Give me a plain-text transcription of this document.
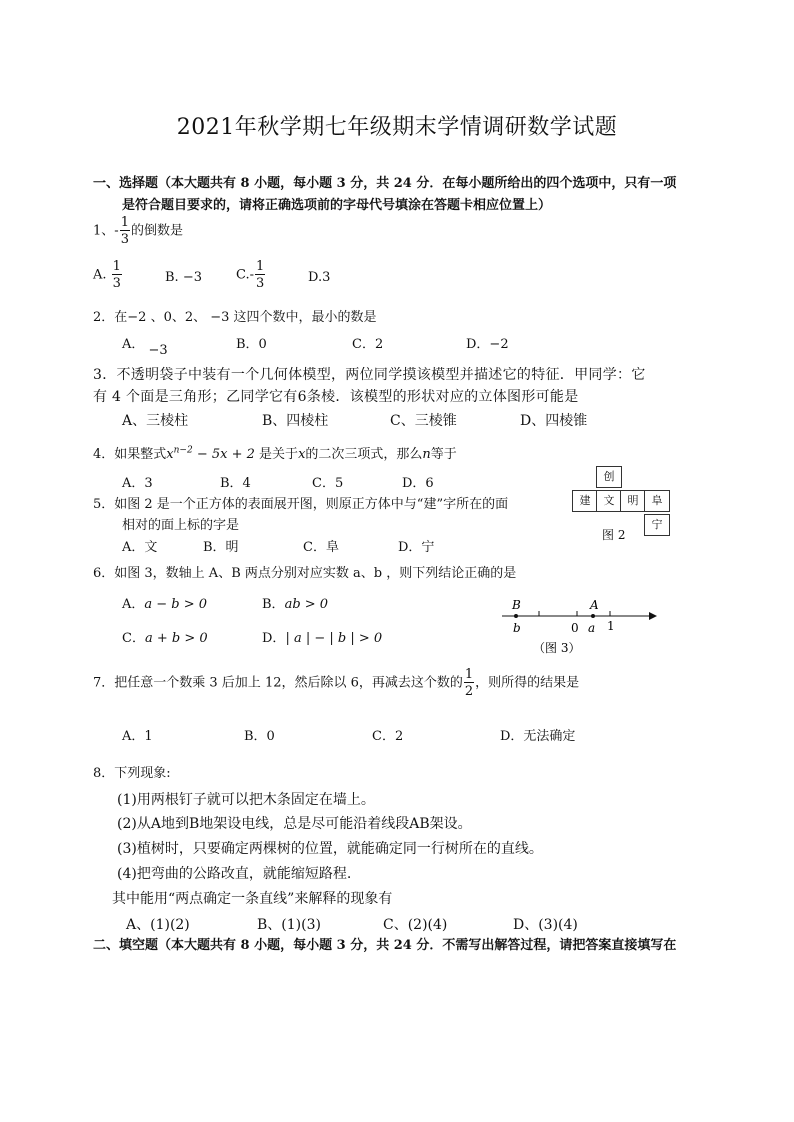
2021年秋学期七年级期末学情调研数学试题
一、选择题（本大题共有 8 小题，每小题 3 分，共 24 分．在每小题所给出的四个选项中，只有一项
是符合题目要求的，请将正确选项前的字母代号填涂在答题卡相应位置上）
1、- $\frac{1}{3}$ 的倒数是
A. $\frac{1}{3}$	B. −3	$C.- \frac{1}{3}$	D.3
2．在−2 、0、2、 −3 这四个数中，最小的数是
A． −3	B．0	C．2	D．−2
3．不透明袋子中装有一个几何体模型，两位同学摸该模型并描述它的特征．甲同学：它
有 4 个面是三角形；乙同学它有6条棱．该模型的形状对应的立体图形可能是
A、三棱柱	B、四棱柱	C、三棱锥	D、四棱锥
4．如果整式$x^{n-2} - 5x + 2$ 是关于x的二次三项式，那么n等于
A．3	B．4	C．5	D．6
5．如图 2 是一个正方体的表面展开图，则原正方体中与“建”字所在的面
相对的面上标的字是
A．文	B．明	C．阜	D．宁
创
建	文	明	阜
宁
图 2
6．如图 3，数轴上 A、B 两点分别对应实数 a、b ，则下列结论正确的是
A．a − b > 0	B．ab > 0
C．a + b > 0	D．| a | − | b | > 0
B
b
A
a
0 1
（图 3）
7．把任意一个数乘 3 后加上 12，然后除以 6，再减去这个数的 $\frac{1}{2}$ ，则所得的结果是
A．1	B．0	C．2	D．无法确定
8．下列现象:
(1)用两根钉子就可以把木条固定在墙上。
(2)从A地到B地架设电线，总是尽可能沿着线段AB架设。
(3)植树时，只要确定两棵树的位置，就能确定同一行树所在的直线。
(4)把弯曲的公路改直，就能缩短路程.
其中能用“两点确定一条直线”来解释的现象有
A、(1)(2)	B、(1)(3)	C、(2)(4)	D、(3)(4)
二、填空题（本大题共有 8 小题，每小题 3 分，共 24 分．不需写出解答过程，请把答案直接填写在
